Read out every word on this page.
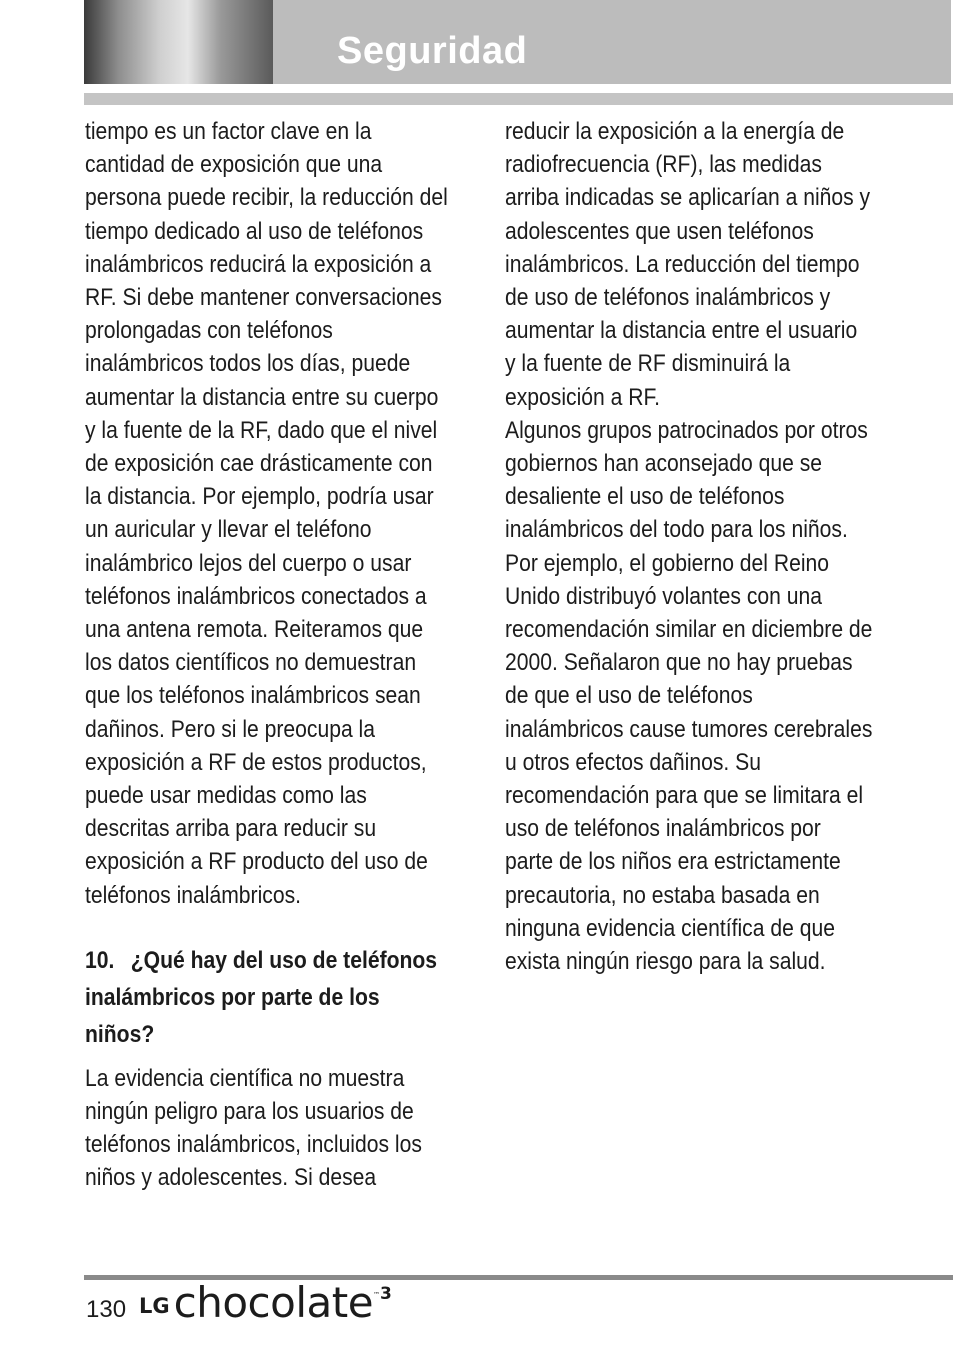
Seguridad

tiempo es un factor clave en la cantidad de exposición que una persona puede recibir, la reducción del tiempo dedicado al uso de teléfonos inalámbricos reducirá la exposición a RF. Si debe mantener conversaciones prolongadas con teléfonos inalámbricos todos los días, puede aumentar la distancia entre su cuerpo y la fuente de la RF, dado que el nivel de exposición cae drásticamente con la distancia. Por ejemplo, podría usar un auricular y llevar el teléfono inalámbrico lejos del cuerpo o usar teléfonos inalámbricos conectados a una antena remota. Reiteramos que los datos científicos no demuestran que los teléfonos inalámbricos sean dañinos. Pero si le preocupa la exposición a RF de estos productos, puede usar medidas como las descritas arriba para reducir su exposición a RF producto del uso de teléfonos inalámbricos.

10. ¿Qué hay del uso de teléfonos inalámbricos por parte de los niños?

La evidencia científica no muestra ningún peligro para los usuarios de teléfonos inalámbricos, incluidos los niños y adolescentes. Si desea

reducir la exposición a la energía de radiofrecuencia (RF), las medidas arriba indicadas se aplicarían a niños y adolescentes que usen teléfonos inalámbricos. La reducción del tiempo de uso de teléfonos inalámbricos y aumentar la distancia entre el usuario y la fuente de RF disminuirá la exposición a RF.

Algunos grupos patrocinados por otros gobiernos han aconsejado que se desaliente el uso de teléfonos inalámbricos del todo para los niños. Por ejemplo, el gobierno del Reino Unido distribuyó volantes con una recomendación similar en diciembre de 2000. Señalaron que no hay pruebas de que el uso de teléfonos inalámbricos cause tumores cerebrales u otros efectos dañinos. Su recomendación para que se limitara el uso de teléfonos inalámbricos por parte de los niños era estrictamente precautoria, no estaba basada en ninguna evidencia científica de que exista ningún riesgo para la salud.

130 LGchocolate™3
